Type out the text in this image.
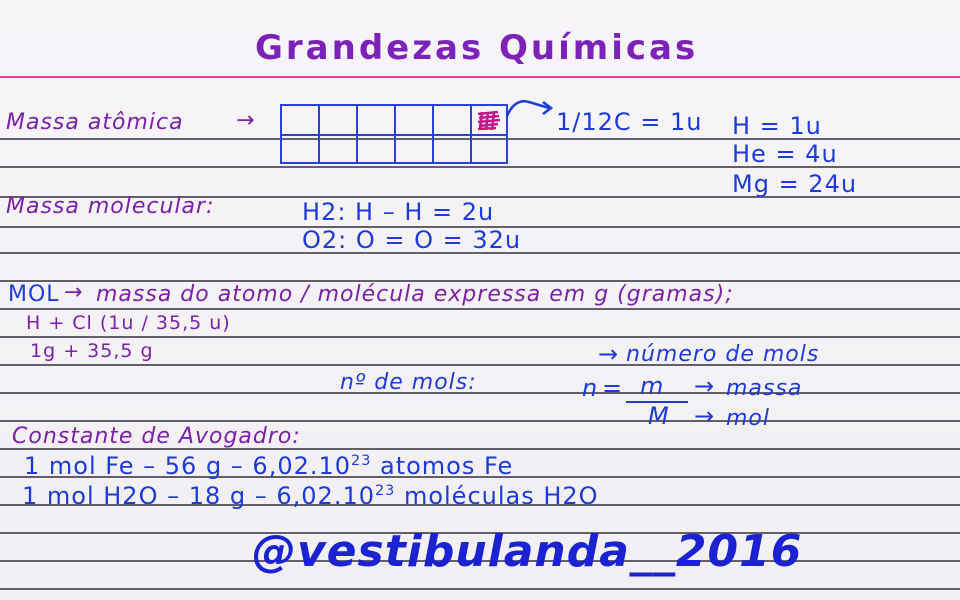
Grandezas Químicas
Massa atômica →	1/12C = 1u H = 1u
He = 4u
Mg = 24u
Massa molecular:	H2: H – H = 2u
O2: O = O = 32u
MOL → massa do atomo / molécula expressa em g (gramas);
H + Cl (1u / 35,5 u)
1g + 35,5 g
nº de mols:
→ número de mols
n = m
M
→ massa
→ mol
Constante de Avogadro:
1 mol Fe – 56 g – 6,02.10$^{23}$ atomos Fe
1 mol H2O – 18 g – 6,02.10$^{23}$ moléculas H2O
@vestibulanda__2016
